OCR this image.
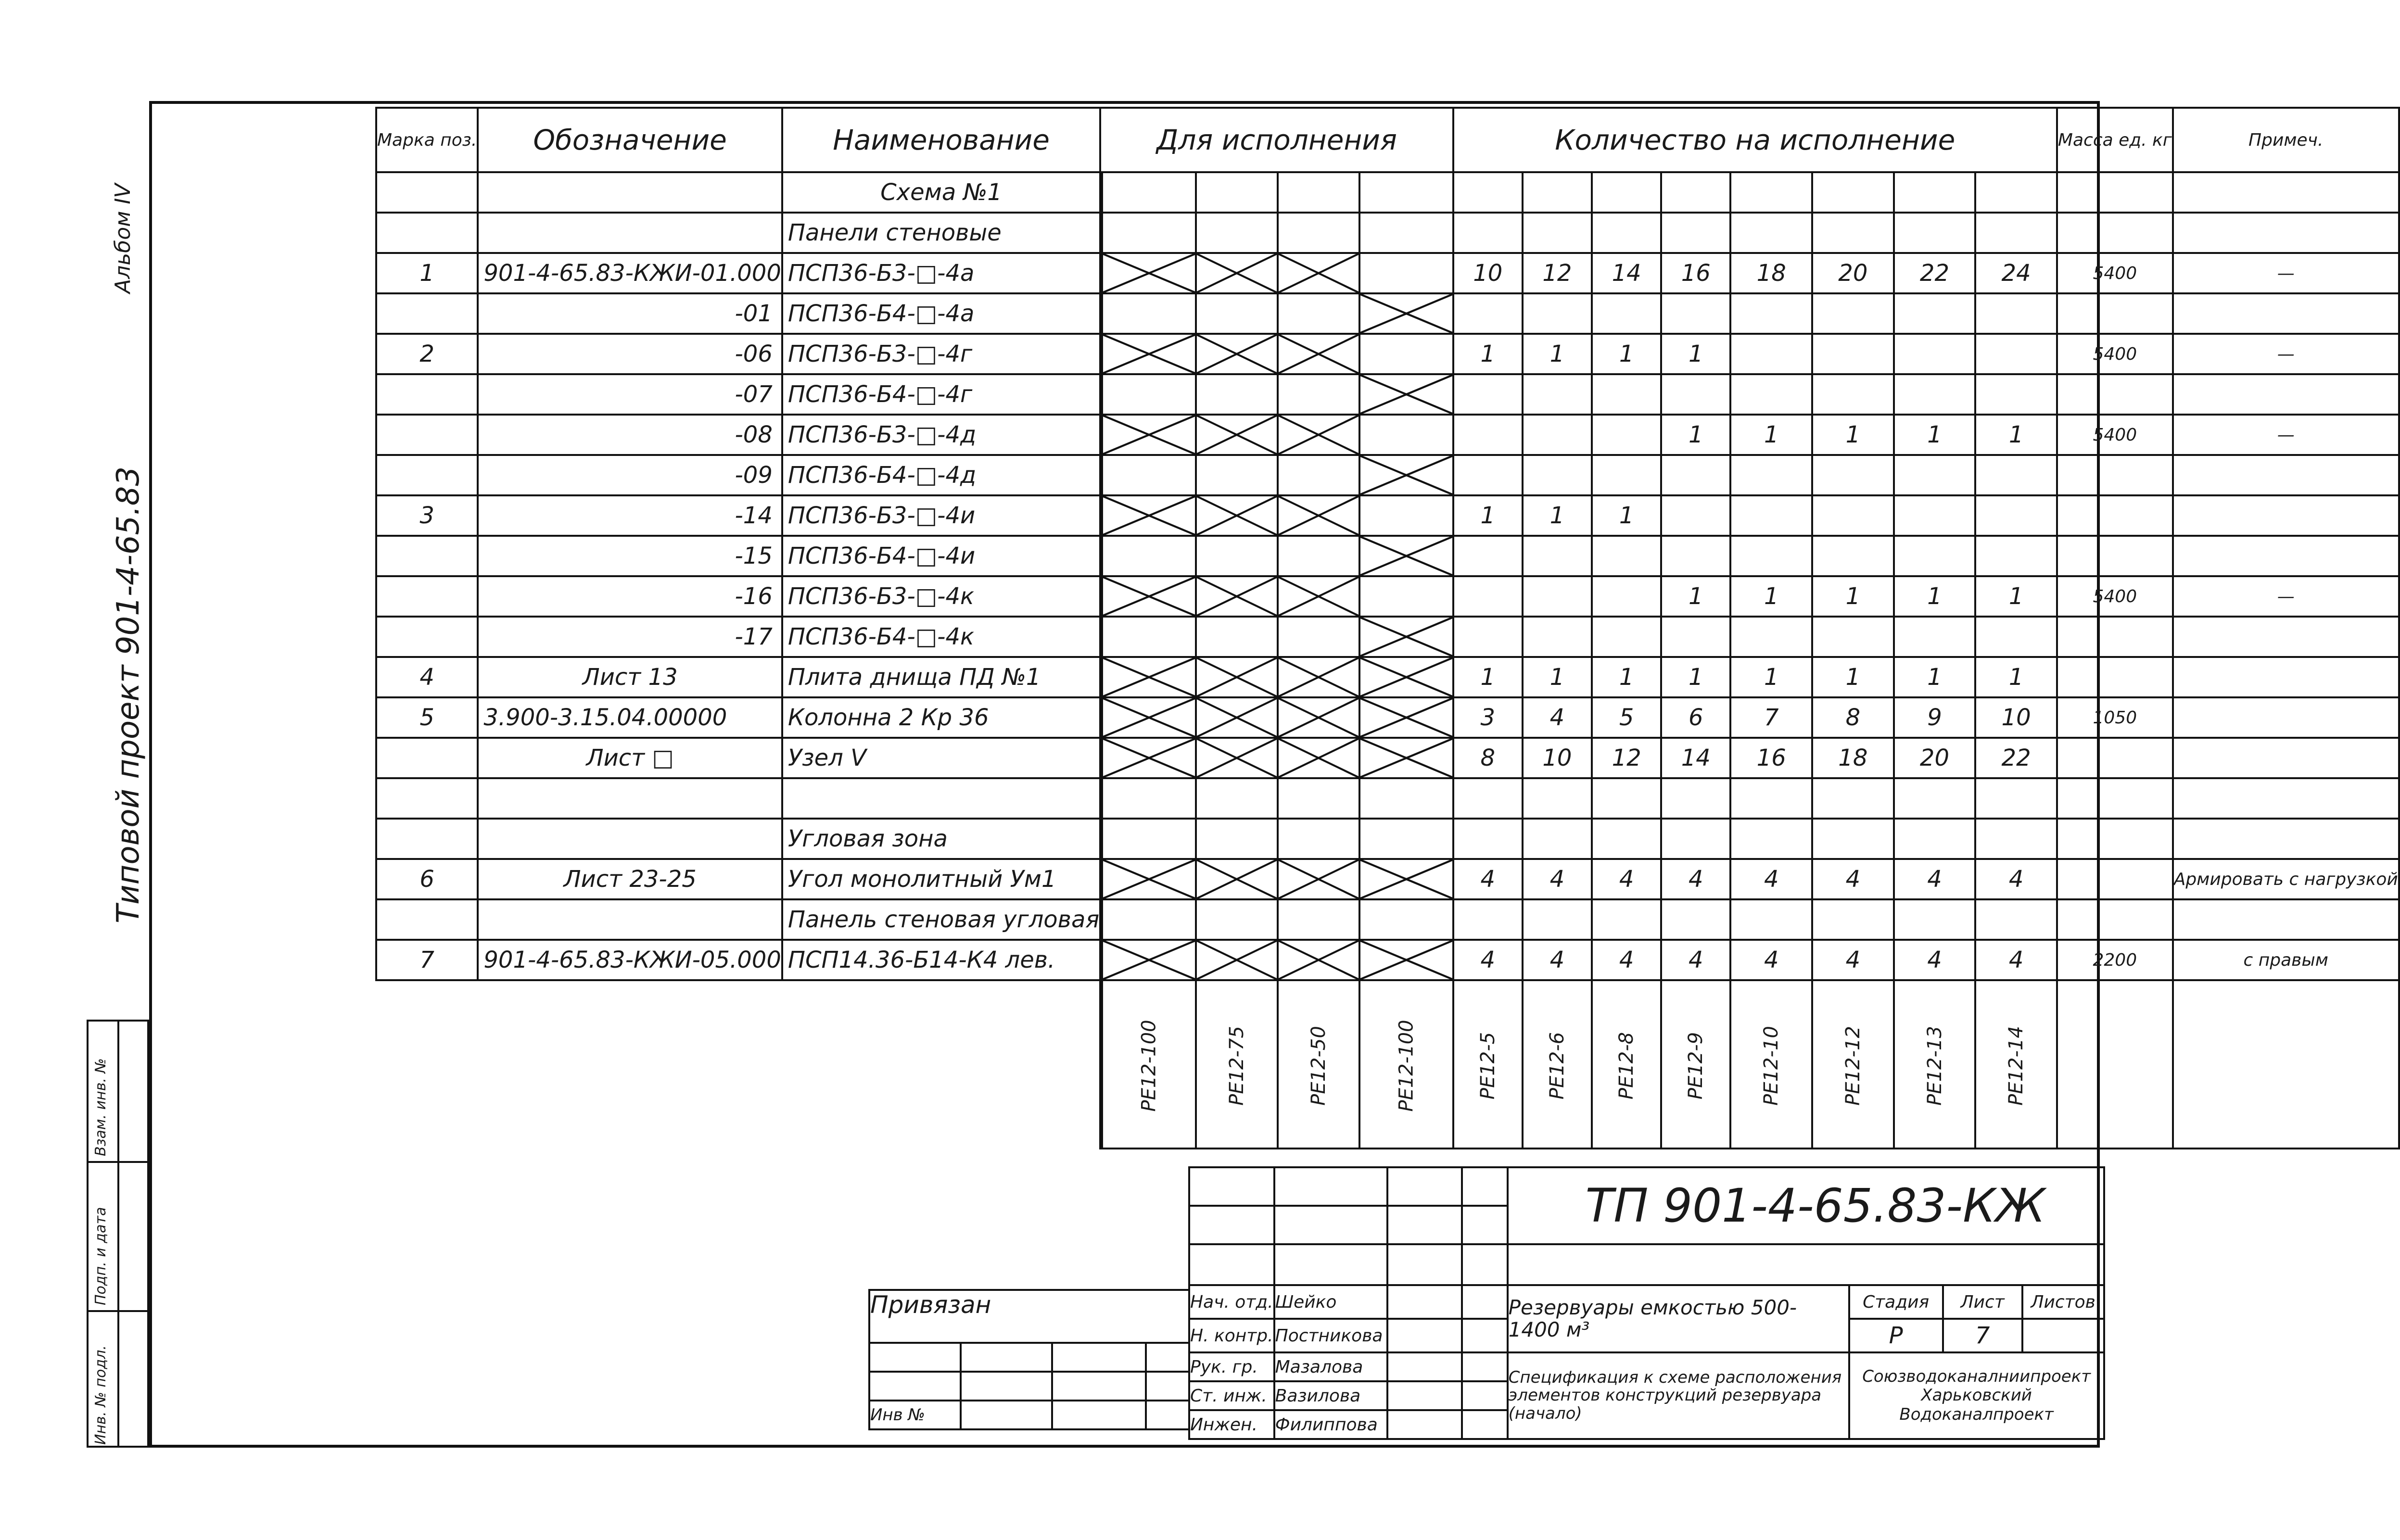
Типовой проект 901-4-65.83
Альбом IV
Инв. № подл.
Подп. и дата
Взам. инв. №
Марка поз.	Обозначение	Наименование	Для исполнения					Количество на исполнение								Масса ед. кг	Примеч.
		Схема №1															
		Панели стеновые															
1	901-4-65.83-КЖИ-01.000	ПСП36-Б3-□-4а						10	12	14	16	18	20	22	24	5400	—
	-01	ПСП36-Б4-□-4а					

2	-06	ПСП36-Б3-□-4г						1	1	1	1					5400	—
	-07	ПСП36-Б4-□-4г					

	-08	ПСП36-Б3-□-4д									1	1	1	1	1	5400	—
	-09	ПСП36-Б4-□-4д					

3	-14	ПСП36-Б3-□-4и						1	1	1							
	-15	ПСП36-Б4-□-4и					

	-16	ПСП36-Б3-□-4к									1	1	1	1	1	5400	—
	-17	ПСП36-Б4-□-4к					

4	Лист 13	Плита днища ПД №1						1	1	1	1	1	1	1	1		
5	3.900-3.15.04.00000	Колонна 2 Кр 36						3	4	5	6	7	8	9	10	1050	
	Лист □	Узел V						8	10	12	14	16	18	20	22		

		Угловая зона															
6	Лист 23-25	Угол монолитный Ум1						4	4	4	4	4	4	4	4		Армировать с нагрузкой
		Панель стеновая угловая															
7	901-4-65.83-КЖИ-05.000	ПСП14.36-Б14-К4 лев.						4	4	4	4	4	4	4	4	2200	с правым
				РЕ12-100	РЕ12-75	РЕ12-50	РЕ12-100	РЕ12-5	РЕ12-6	РЕ12-8	РЕ12-9	РЕ12-10	РЕ12-12	РЕ12-13	РЕ12-14		
				ТП 901-4-65.83-КЖ			

Нач. отд.	Шейко			Резервуары емкостью 500-1400 м³	Стадия	Лист	Листов
Н. контр.	Постникова				Р	7	
Рук. гр.	Мазалова			Спецификация к схеме расположения элементов конструкций резервуара (начало)	Союзводоканалниипроект Харьковский Водоканалпроект		
Ст. инж.	Вазилова						
Инжен.	Филиппова						
Привязан			

Инв №			
